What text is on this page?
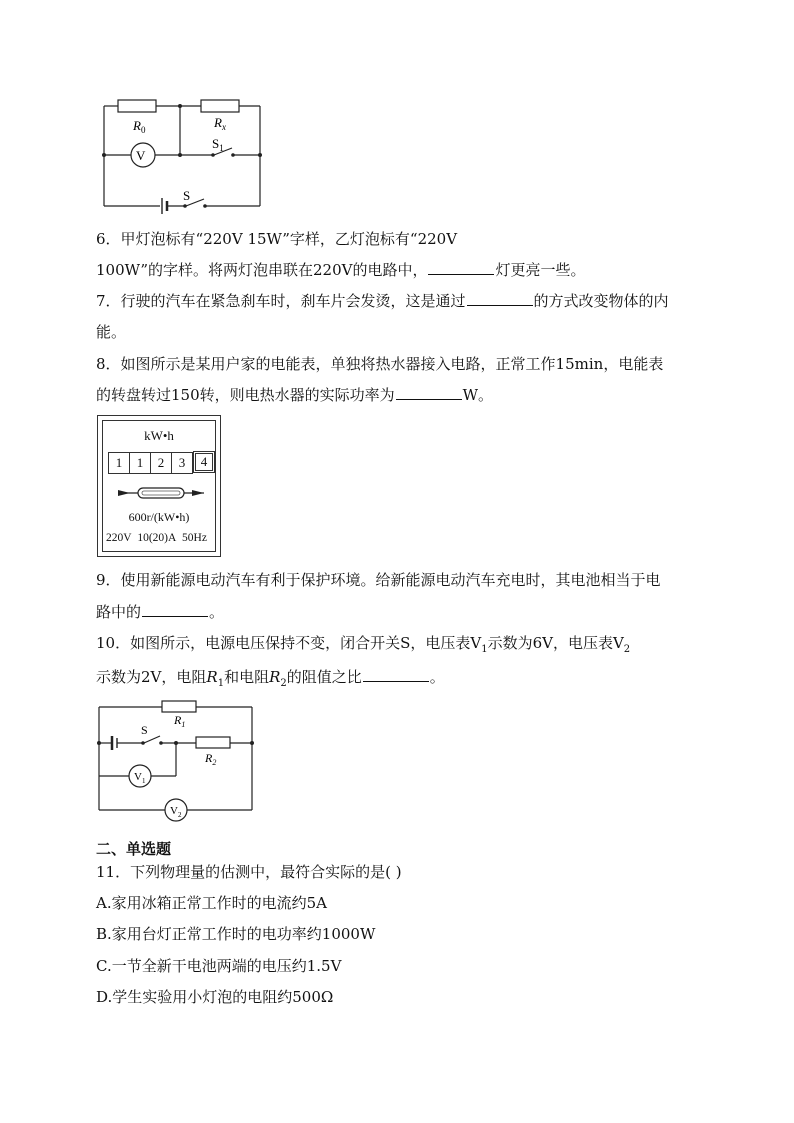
$R_0$	$R_x$
V
$S_1$
S
6．甲灯泡标有“220V 15W”字样，乙灯泡标有“220V
100W”的字样。将两灯泡串联在220V的电路中，	灯更亮一些。
7．行驶的汽车在紧急刹车时，刹车片会发烫，这是通过	的方式改变物体的内
能。
8．如图所示是某用户家的电能表，单独将热水器接入电路，正常工作15min，电能表
的转盘转过150转，则电热水器的实际功率为	W。
kW•h
1	1	2	3	4
600r/(kW•h)
220V 10(20)A 50Hz
9．使用新能源电动汽车有利于保护环境。给新能源电动汽车充电时，其电池相当于电
路中的	。
10．如图所示，电源电压保持不变，闭合开关S，电压表$V_1$示数为6V，电压表$V_2$
示数为2V，电阻$R_1$和电阻$R_2$的阻值之比	。
$R_1$
S
$R_2$
$V_1$
$V_2$
二、单选题
11．下列物理量的估测中，最符合实际的是( )
A.家用冰箱正常工作时的电流约5A
B.家用台灯正常工作时的电功率约1000W
C.一节全新干电池两端的电压约1.5V
D.学生实验用小灯泡的电阻约500Ω
